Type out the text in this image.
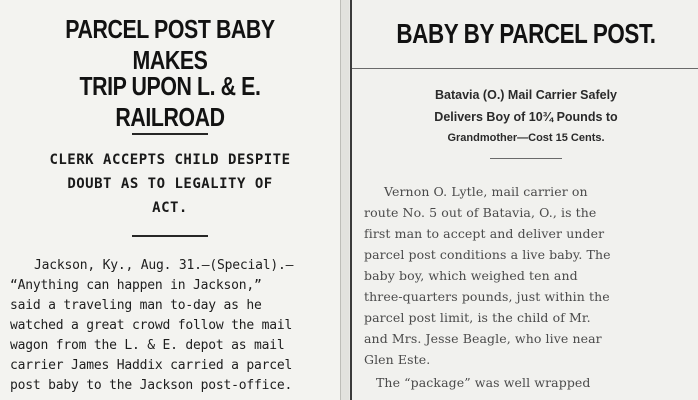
PARCEL POST BABY MAKES
TRIP UPON L. & E. RAILROAD
CLERK ACCEPTS CHILD DESPITE
DOUBT AS TO LEGALITY OF
ACT.
Jackson, Ky., Aug. 31.—(Special).—
“Anything can happen in Jackson,”
said a traveling man to-day as he
watched a great crowd follow the mail
wagon from the L. & E. depot as mail
carrier James Haddix carried a parcel
post baby to the Jackson post-office.
BABY BY PARCEL POST.
Batavia (O.) Mail Carrier Safely
Delivers Boy of 10¾ Pounds to
Grandmother—Cost 15 Cents.
Vernon O. Lytle, mail carrier on
route No. 5 out of Batavia, O., is the
first man to accept and deliver under
parcel post conditions a live baby. The
baby boy, which weighed ten and
three-quarters pounds, just within the
parcel post limit, is the child of Mr.
and Mrs. Jesse Beagle, who live near
Glen Este.
The “package” was well wrapped
